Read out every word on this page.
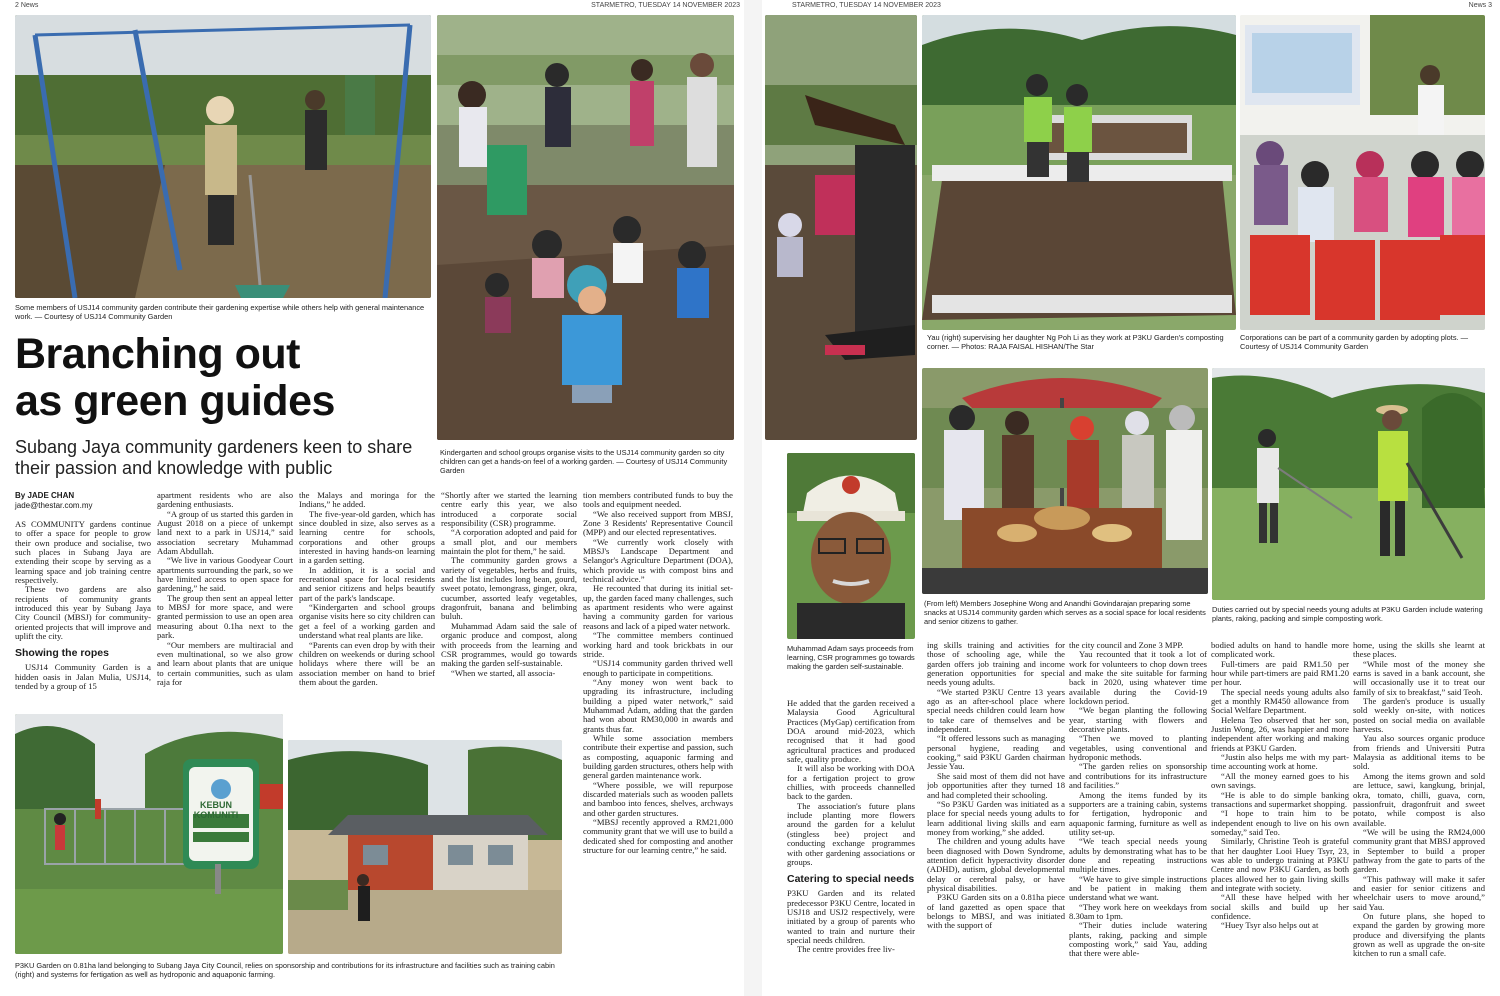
2 News	STARMETRO, TUESDAY 14 NOVEMBER 2023
Some members of USJ14 community garden contribute their gardening expertise while others help with general maintenance work. — Courtesy of USJ14 Community Garden
Kindergarten and school groups organise visits to the USJ14 community garden so city children can get a hands-on feel of a working garden. — Courtesy of USJ14 Community Garden
Branching out
as green guides
Subang Jaya community gardeners keen to share their passion and knowledge with public
By JADE CHAN
jade@thestar.com.my

AS COMMUNITY gardens continue to offer a space for people to grow their own produce and socialise, two such places in Subang Jaya are extending their scope by serving as a learning space and job training centre respectively.

These two gardens are also recipients of community grants introduced this year by Subang Jaya City Council (MBSJ) for community-oriented projects that will improve and uplift the city.

Showing the ropes

USJ14 Community Garden is a hidden oasis in Jalan Mulia, USJ14, tended by a group of 15

apartment residents who are also gardening enthusiasts.

“A group of us started this garden in August 2018 on a piece of unkempt land next to a park in USJ14,” said association secretary Muhammad Adam Abdullah.

“We live in various Goodyear Court apartments surrounding the park, so we have limited access to open space for gardening,” he said.

The group then sent an appeal letter to MBSJ for more space, and were granted permission to use an open area measuring about 0.1ha next to the park.

“Our members are multiracial and even multinational, so we also grow and learn about plants that are unique to certain communities, such as ulam raja for

the Malays and moringa for the Indians,” he added.

The five-year-old garden, which has since doubled in size, also serves as a learning centre for schools, corporations and other groups interested in having hands-on learning in a garden setting.

In addition, it is a social and recreational space for local residents and senior citizens and helps beautify part of the park's landscape.

“Kindergarten and school groups organise visits here so city children can get a feel of a working garden and understand what real plants are like.

“Parents can even drop by with their children on weekends or during school holidays where there will be an association member on hand to brief them about the garden.

“Shortly after we started the learning centre early this year, we also introduced a corporate social responsibility (CSR) programme.

“A corporation adopted and paid for a small plot, and our members maintain the plot for them,” he said.

The community garden grows a variety of vegetables, herbs and fruits, and the list includes long bean, gourd, sweet potato, lemongrass, ginger, okra, cucumber, assorted leafy vegetables, dragonfruit, banana and belimbing buluh.

Muhammad Adam said the sale of organic produce and compost, along with proceeds from the learning and CSR programmes, would go towards making the garden self-sustainable.

“When we started, all associa-

tion members contributed funds to buy the tools and equipment needed.

“We also received support from MBSJ, Zone 3 Residents' Representative Council (MPP) and our elected representatives.

“We currently work closely with MBSJ's Landscape Department and Selangor's Agriculture Department (DOA), which provide us with compost bins and technical advice.”

He recounted that during its initial set-up, the garden faced many challenges, such as apartment residents who were against having a community garden for various reasons and lack of a piped water network.

“The committee members continued working hard and took brickbats in our stride.

“USJ14 community garden thrived well enough to participate in competitions.

“Any money won went back to upgrading its infrastructure, including building a piped water network,” said Muhammad Adam, adding that the garden had won about RM30,000 in awards and grants thus far.

While some association members contribute their expertise and passion, such as composting, aquaponic farming and building garden structures, others help with general garden maintenance work.

“Where possible, we will repurpose discarded materials such as wooden pallets and bamboo into fences, shelves, archways and other garden structures.

“MBSJ recently approved a RM21,000 community grant that we will use to build a dedicated shed for composting and another structure for our learning centre,” he said.

P3KU Garden on 0.81ha land belonging to Subang Jaya City Council, relies on sponsorship and contributions for its infrastructure and facilities such as training cabin (right) and systems for fertigation as well as hydroponic and aquaponic farming.
STARMETRO, TUESDAY 14 NOVEMBER 2023	News 3
Yau (right) supervising her daughter Ng Poh Li as they work at P3KU Garden's composting corner. — Photos: RAJA FAISAL HISHAN/The Star
Corporations can be part of a community garden by adopting plots. — Courtesy of USJ14 Community Garden
Muhammad Adam says proceeds from learning, CSR programmes go towards making the garden self-sustainable.
(From left) Members Josephine Wong and Anandhi Govindarajan preparing some snacks at USJ14 community garden which serves as a social space for local residents and senior citizens to gather.
Duties carried out by special needs young adults at P3KU Garden include watering plants, raking, packing and simple composting work.

He added that the garden received a Malaysia Good Agricultural Practices (MyGap) certification from DOA around mid-2023, which recognised that it had good agricultural practices and produced safe, quality produce.

It will also be working with DOA for a fertigation project to grow chillies, with proceeds channelled back to the garden.

The association's future plans include planting more flowers around the garden for a kelulut (stingless bee) project and conducting exchange programmes with other gardening associations or groups.

Catering to special needs

P3KU Garden and its related predecessor P3KU Centre, located in USJ18 and USJ2 respectively, were initiated by a group of parents who wanted to train and nurture their special needs children.

The centre provides free liv-

ing skills training and activities for those of schooling age, while the garden offers job training and income generation opportunities for special needs young adults.

“We started P3KU Centre 13 years ago as an after-school place where special needs children could learn how to take care of themselves and be independent.

“It offered lessons such as managing personal hygiene, reading and cooking,” said P3KU Garden chairman Jessie Yau.

She said most of them did not have job opportunities after they turned 18 and had completed their schooling.

“So P3KU Garden was initiated as a place for special needs young adults to learn additional living skills and earn money from working,” she added.

The children and young adults have been diagnosed with Down Syndrome, attention deficit hyperactivity disorder (ADHD), autism, global developmental delay or cerebral palsy, or have physical disabilities.

P3KU Garden sits on a 0.81ha piece of land gazetted as open space that belongs to MBSJ, and was initiated with the support of

the city council and Zone 3 MPP.

Yau recounted that it took a lot of work for volunteers to chop down trees and make the site suitable for farming back in 2020, using whatever time available during the Covid-19 lockdown period.

“We began planting the following year, starting with flowers and decorative plants.

“Then we moved to planting vegetables, using conventional and hydroponic methods.

“The garden relies on sponsorship and contributions for its infrastructure and facilities.”

Among the items funded by its supporters are a training cabin, systems for fertigation, hydroponic and aquaponic farming, furniture as well as utility set-up.

“We teach special needs young adults by demonstrating what has to be done and repeating instructions multiple times.

“We have to give simple instructions and be patient in making them understand what we want.

“They work here on weekdays from 8.30am to 1pm.

“Their duties include watering plants, raking, packing and simple composting work,” said Yau, adding that there were able-

bodied adults on hand to handle more complicated work.

Full-timers are paid RM1.50 per hour while part-timers are paid RM1.20 per hour.

The special needs young adults also get a monthly RM450 allowance from Social Welfare Department.

Helena Teo observed that her son, Justin Wong, 26, was happier and more independent after working and making friends at P3KU Garden.

“Justin also helps me with my part-time accounting work at home.

“All the money earned goes to his own savings.

“He is able to do simple banking transactions and supermarket shopping.

“I hope to train him to be independent enough to live on his own someday,” said Teo.

Similarly, Christine Teoh is grateful that her daughter Looi Huey Tsyr, 23, was able to undergo training at P3KU Centre and now P3KU Garden, as both places allowed her to gain living skills and integrate with society.

“All these have helped with her social skills and build up her confidence.

“Huey Tsyr also helps out at

home, using the skills she learnt at these places.

“While most of the money she earns is saved in a bank account, she will occasionally use it to treat our family of six to breakfast,” said Teoh.

The garden's produce is usually sold weekly on-site, with notices posted on social media on available harvests.

Yau also sources organic produce from friends and Universiti Putra Malaysia as additional items to be sold.

Among the items grown and sold are lettuce, sawi, kangkung, brinjal, okra, tomato, chilli, guava, corn, passionfruit, dragonfruit and sweet potato, while compost is also available.

“We will be using the RM24,000 community grant that MBSJ approved in September to build a proper pathway from the gate to parts of the garden.

“This pathway will make it safer and easier for senior citizens and wheelchair users to move around,” said Yau.

On future plans, she hoped to expand the garden by growing more produce and diversifying the plants grown as well as upgrade the on-site kitchen to run a small cafe.

KEBUN
KOMUNITI
